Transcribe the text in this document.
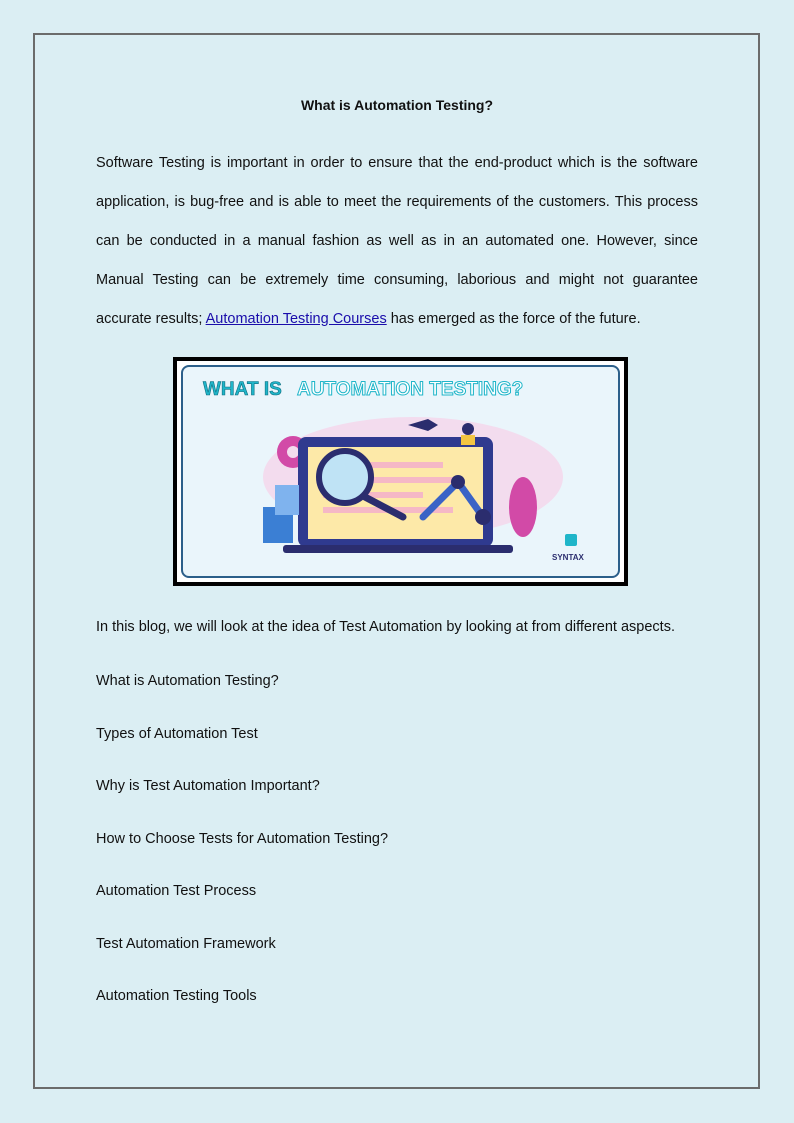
What is Automation Testing?

Software Testing is important in order to ensure that the end-product which is the software application, is bug-free and is able to meet the requirements of the customers. This process can be conducted in a manual fashion as well as in an automated one. However, since Manual Testing can be extremely time consuming, laborious and might not guarantee accurate results; Automation Testing Courses has emerged as the force of the future.

WHAT IS AUTOMATION TESTING?
SYNTAX

In this blog, we will look at the idea of Test Automation by looking at from different aspects.

What is Automation Testing?
Types of Automation Test
Why is Test Automation Important?
How to Choose Tests for Automation Testing?
Automation Test Process
Test Automation Framework
Automation Testing Tools
